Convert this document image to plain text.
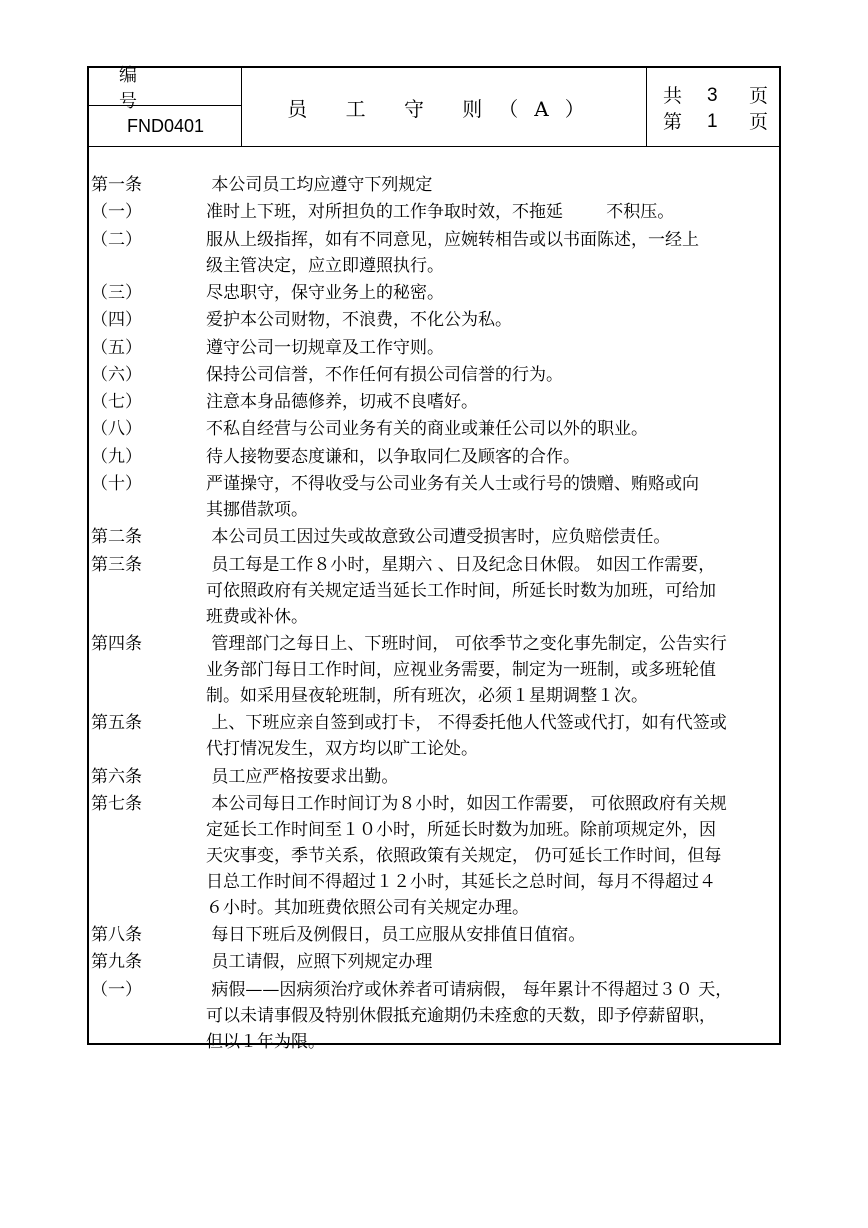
编 号
FND0401
员 工 守 则（A）
共 3 页
第 1 页
第一条	本公司员工均应遵守下列规定
（一）	准时上下班，对所担负的工作争取时效，不拖延        不积压。
（二）	服从上级指挥，如有不同意见，应婉转相告或以书面陈述，一经上
级主管决定，应立即遵照执行。
（三）	尽忠职守，保守业务上的秘密。
（四）	爱护本公司财物，不浪费，不化公为私。
（五）	遵守公司一切规章及工作守则。
（六）	保持公司信誉，不作任何有损公司信誉的行为。
（七）	注意本身品德修养，切戒不良嗜好。
（八）	不私自经营与公司业务有关的商业或兼任公司以外的职业。
（九）	待人接物要态度谦和，以争取同仁及顾客的合作。
（十）	严谨操守，不得收受与公司业务有关人士或行号的馈赠、贿赂或向
其挪借款项。
第二条	本公司员工因过失或故意致公司遭受损害时，应负赔偿责任。
第三条	员工每是工作８小时，星期六 、日及纪念日休假。 如因工作需要，
可依照政府有关规定适当延长工作时间，所延长时数为加班，可给加
班费或补休。
第四条	管理部门之每日上、下班时间， 可依季节之变化事先制定，公告实行
业务部门每日工作时间，应视业务需要，制定为一班制，或多班轮值
制。如采用昼夜轮班制，所有班次，必须１星期调整１次。
第五条	上、下班应亲自签到或打卡， 不得委托他人代签或代打，如有代签或
代打情况发生，双方均以旷工论处。
第六条	员工应严格按要求出勤。
第七条	本公司每日工作时间订为８小时，如因工作需要， 可依照政府有关规
定延长工作时间至１０小时，所延长时数为加班。除前项规定外，因
天灾事变，季节关系，依照政策有关规定， 仍可延长工作时间，但每
日总工作时间不得超过１２小时，其延长之总时间，每月不得超过４
６小时。其加班费依照公司有关规定办理。
第八条	每日下班后及例假日，员工应服从安排值日值宿。
第九条	员工请假，应照下列规定办理
（一）	病假——因病须治疗或休养者可请病假， 每年累计不得超过３０ 天，
可以未请事假及特别休假抵充逾期仍未痊愈的天数，即予停薪留职，
但以１年为限。
